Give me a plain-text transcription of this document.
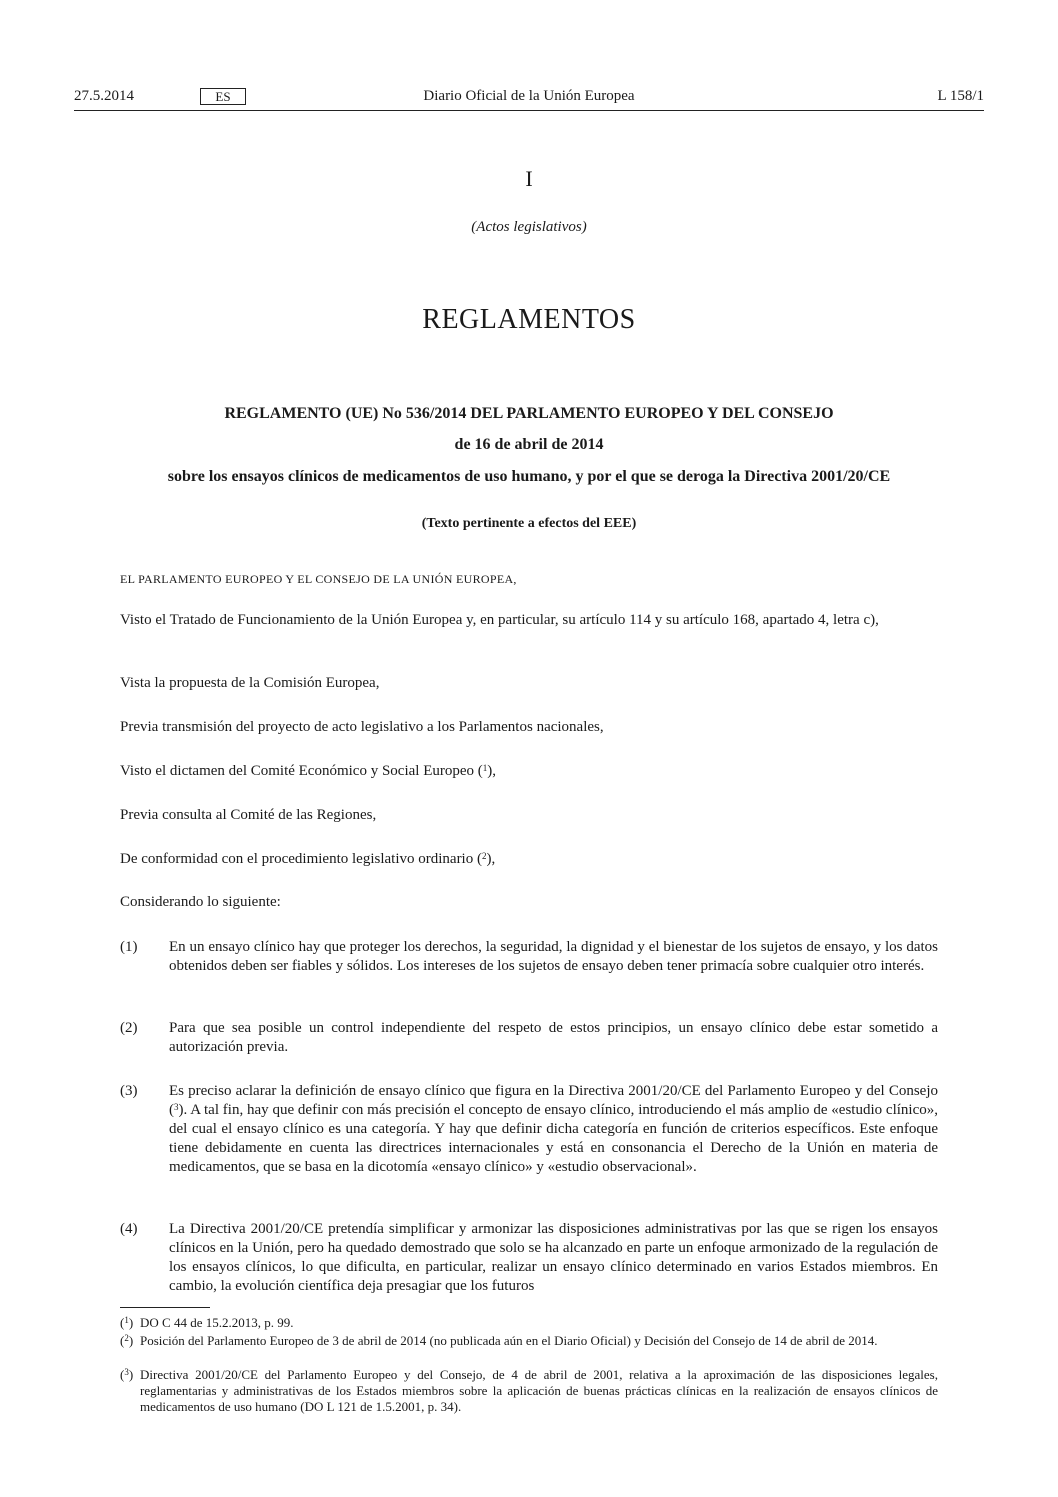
27.5.2014	ES	Diario Oficial de la Unión Europea	L 158/1
I
(Actos legislativos)
REGLAMENTOS
REGLAMENTO (UE) No 536/2014 DEL PARLAMENTO EUROPEO Y DEL CONSEJO
de 16 de abril de 2014
sobre los ensayos clínicos de medicamentos de uso humano, y por el que se deroga la Directiva 2001/20/CE
(Texto pertinente a efectos del EEE)
EL PARLAMENTO EUROPEO Y EL CONSEJO DE LA UNIÓN EUROPEA,
Visto el Tratado de Funcionamiento de la Unión Europea y, en particular, su artículo 114 y su artículo 168, apartado 4, letra c),
Vista la propuesta de la Comisión Europea,
Previa transmisión del proyecto de acto legislativo a los Parlamentos nacionales,
Visto el dictamen del Comité Económico y Social Europeo ($^1$),
Previa consulta al Comité de las Regiones,
De conformidad con el procedimiento legislativo ordinario ($^2$),
Considerando lo siguiente:
(1) En un ensayo clínico hay que proteger los derechos, la seguridad, la dignidad y el bienestar de los sujetos de ensayo, y los datos obtenidos deben ser fiables y sólidos. Los intereses de los sujetos de ensayo deben tener primacía sobre cualquier otro interés.
(2) Para que sea posible un control independiente del respeto de estos principios, un ensayo clínico debe estar sometido a autorización previa.
(3) Es preciso aclarar la definición de ensayo clínico que figura en la Directiva 2001/20/CE del Parlamento Europeo y del Consejo ($^3$). A tal fin, hay que definir con más precisión el concepto de ensayo clínico, introduciendo el más amplio de «estudio clínico», del cual el ensayo clínico es una categoría. Y hay que definir dicha categoría en función de criterios específicos. Este enfoque tiene debidamente en cuenta las directrices internacionales y está en consonancia el Derecho de la Unión en materia de medicamentos, que se basa en la dicotomía «ensayo clínico» y «estudio observacional».
(4) La Directiva 2001/20/CE pretendía simplificar y armonizar las disposiciones administrativas por las que se rigen los ensayos clínicos en la Unión, pero ha quedado demostrado que solo se ha alcanzado en parte un enfoque armonizado de la regulación de los ensayos clínicos, lo que dificulta, en particular, realizar un ensayo clínico determinado en varios Estados miembros. En cambio, la evolución científica deja presagiar que los futuros
($^1$) DO C 44 de 15.2.2013, p. 99.
($^2$) Posición del Parlamento Europeo de 3 de abril de 2014 (no publicada aún en el Diario Oficial) y Decisión del Consejo de 14 de abril de 2014.
($^3$) Directiva 2001/20/CE del Parlamento Europeo y del Consejo, de 4 de abril de 2001, relativa a la aproximación de las disposiciones legales, reglamentarias y administrativas de los Estados miembros sobre la aplicación de buenas prácticas clínicas en la realización de ensayos clínicos de medicamentos de uso humano (DO L 121 de 1.5.2001, p. 34).
